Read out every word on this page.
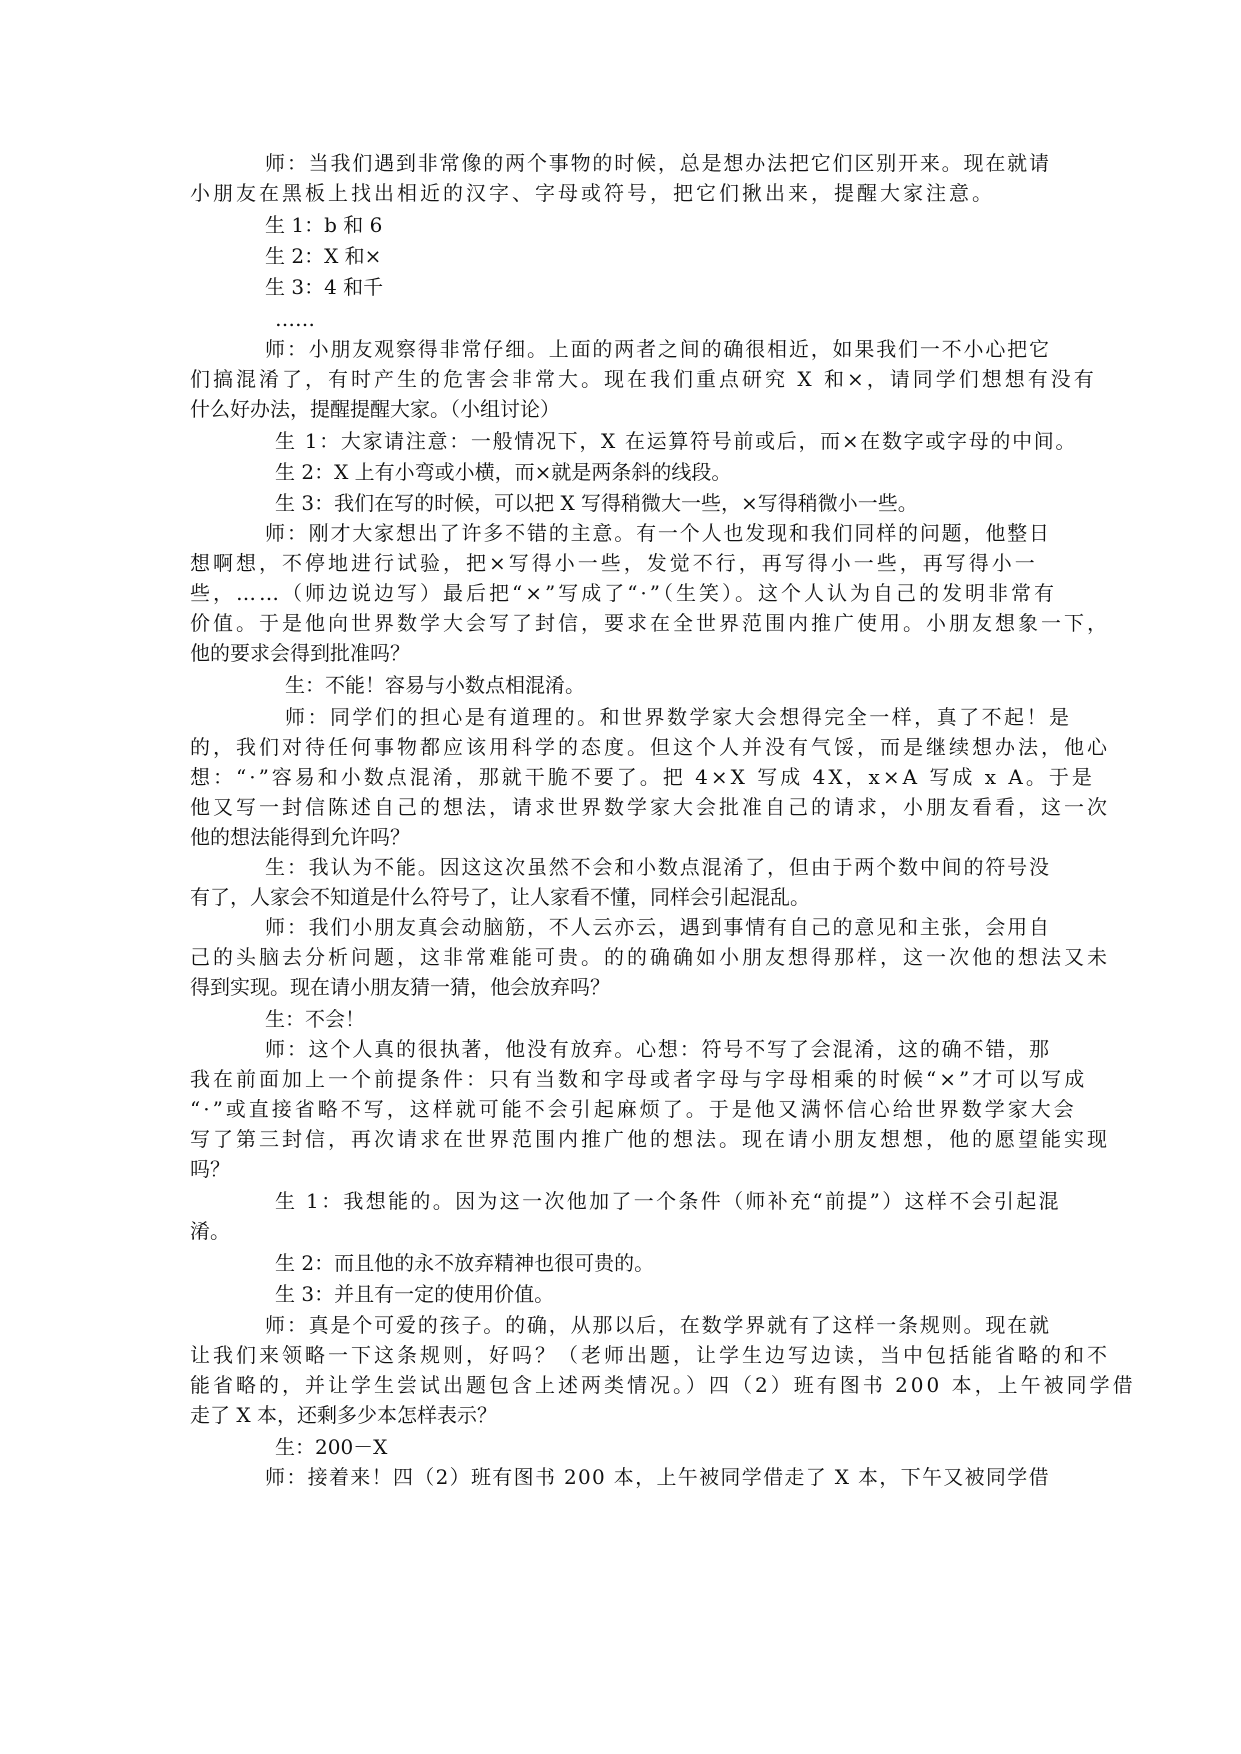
师：当我们遇到非常像的两个事物的时候，总是想办法把它们区别开来。现在就请
小朋友在黑板上找出相近的汉字、字母或符号，把它们揪出来，提醒大家注意。
生 1：b 和 6
生 2：X 和×
生 3：4 和千
……
师：小朋友观察得非常仔细。上面的两者之间的确很相近，如果我们一不小心把它
们搞混淆了，有时产生的危害会非常大。现在我们重点研究 X 和×，请同学们想想有没有
什么好办法，提醒提醒大家。（小组讨论）
生 1：大家请注意：一般情况下，X 在运算符号前或后，而×在数字或字母的中间。
生 2：X 上有小弯或小横，而×就是两条斜的线段。
生 3：我们在写的时候，可以把 X 写得稍微大一些，×写得稍微小一些。
师：刚才大家想出了许多不错的主意。有一个人也发现和我们同样的问题，他整日
想啊想，不停地进行试验，把×写得小一些，发觉不行，再写得小一些，再写得小一
些，……（师边说边写）最后把“×”写成了“·”（生笑）。这个人认为自己的发明非常有
价值。于是他向世界数学大会写了封信，要求在全世界范围内推广使用。小朋友想象一下，
他的要求会得到批准吗？
生：不能！容易与小数点相混淆。
师：同学们的担心是有道理的。和世界数学家大会想得完全一样，真了不起！是
的，我们对待任何事物都应该用科学的态度。但这个人并没有气馁，而是继续想办法，他心
想：“·”容易和小数点混淆，那就干脆不要了。把 4×X 写成 4X，x×A 写成 x A。于是
他又写一封信陈述自己的想法，请求世界数学家大会批准自己的请求，小朋友看看，这一次
他的想法能得到允许吗？
生：我认为不能。因这这次虽然不会和小数点混淆了，但由于两个数中间的符号没
有了，人家会不知道是什么符号了，让人家看不懂，同样会引起混乱。
师：我们小朋友真会动脑筋，不人云亦云，遇到事情有自己的意见和主张，会用自
己的头脑去分析问题，这非常难能可贵。的的确确如小朋友想得那样，这一次他的想法又未
得到实现。现在请小朋友猜一猜，他会放弃吗？
生：不会！
师：这个人真的很执著，他没有放弃。心想：符号不写了会混淆，这的确不错，那
我在前面加上一个前提条件：只有当数和字母或者字母与字母相乘的时候“×”才可以写成
“·”或直接省略不写，这样就可能不会引起麻烦了。于是他又满怀信心给世界数学家大会
写了第三封信，再次请求在世界范围内推广他的想法。现在请小朋友想想，他的愿望能实现
吗？
生 1：我想能的。因为这一次他加了一个条件（师补充“前提”）这样不会引起混
淆。
生 2：而且他的永不放弃精神也很可贵的。
生 3：并且有一定的使用价值。
师：真是个可爱的孩子。的确，从那以后，在数学界就有了这样一条规则。现在就
让我们来领略一下这条规则，好吗？（老师出题，让学生边写边读，当中包括能省略的和不
能省略的，并让学生尝试出题包含上述两类情况。）四（2）班有图书 200 本，上午被同学借
走了 X 本，还剩多少本怎样表示？
生：200－X
师：接着来！四（2）班有图书 200 本，上午被同学借走了 X 本，下午又被同学借
